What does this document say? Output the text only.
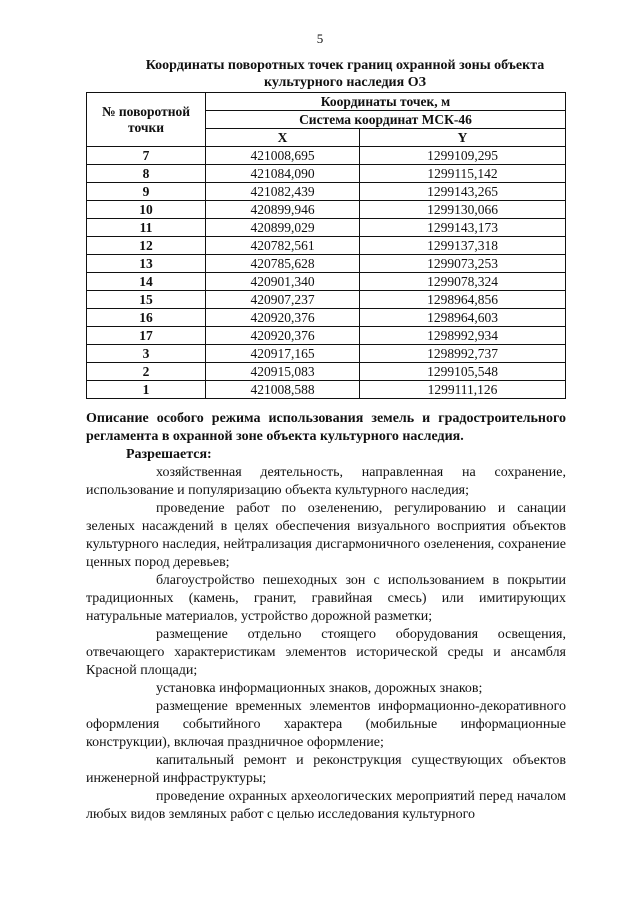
5
Координаты поворотных точек границ охранной зоны объекта
культурного наследия ОЗ
№ поворотной
точки	Координаты точек, м	
	Система координат МСК-46	
	X	Y
7	421008,695	1299109,295
8	421084,090	1299115,142
9	421082,439	1299143,265
10	420899,946	1299130,066
11	420899,029	1299143,173
12	420782,561	1299137,318
13	420785,628	1299073,253
14	420901,340	1299078,324
15	420907,237	1298964,856
16	420920,376	1298964,603
17	420920,376	1298992,934
3	420917,165	1298992,737
2	420915,083	1299105,548
1	421008,588	1299111,126
Описание особого режима использования земель и градостроительного регламента в охранной зоне объекта культурного наследия.
Разрешается:

хозяйственная деятельность, направленная на сохранение, использование и популяризацию объекта культурного наследия;

проведение работ по озеленению, регулированию и санации зеленых насаждений в целях обеспечения визуального восприятия объектов культурного наследия, нейтрализация дисгармоничного озеленения, сохранение ценных пород деревьев;

благоустройство пешеходных зон с использованием в покрытии традиционных (камень, гранит, гравийная смесь) или имитирующих натуральные материалов, устройство дорожной разметки;

размещение отдельно стоящего оборудования освещения, отвечающего характеристикам элементов исторической среды и ансамбля Красной площади;

установка информационных знаков, дорожных знаков;

размещение временных элементов информационно-декоративного оформления событийного характера (мобильные информационные конструкции), включая праздничное оформление;

капитальный ремонт и реконструкция существующих объектов инженерной инфраструктуры;

проведение охранных археологических мероприятий перед началом любых видов земляных работ с целью исследования культурного
